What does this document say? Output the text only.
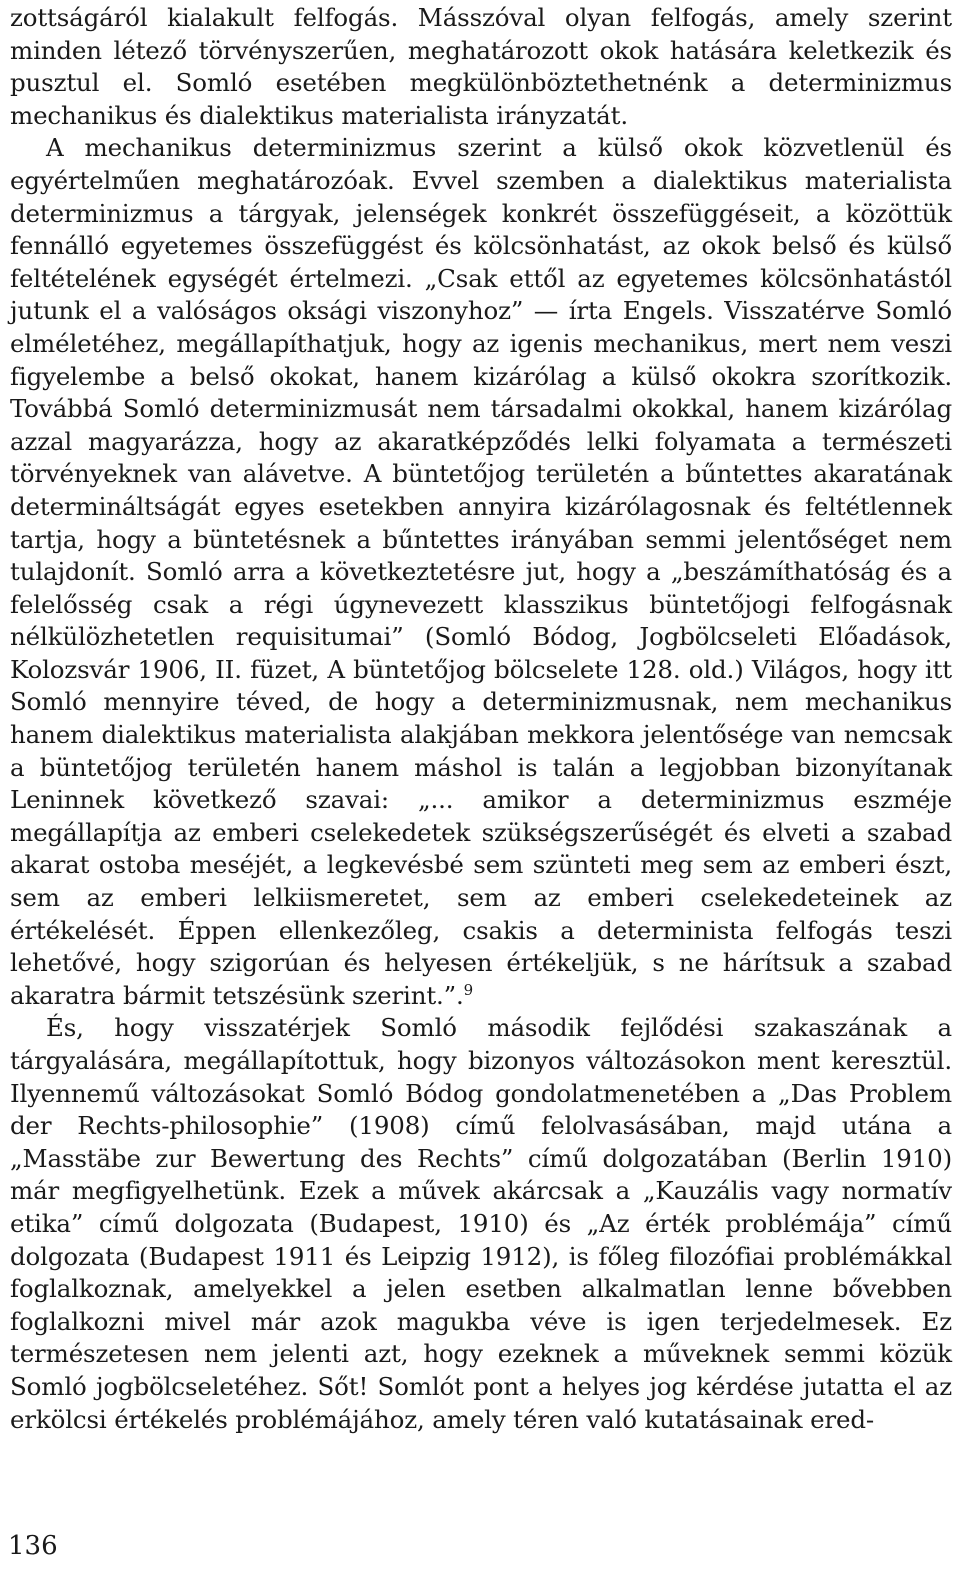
zottságáról kialakult felfogás. Másszóval olyan felfogás, amely szerint minden létező törvényszerűen, meghatározott okok hatására keletkezik és pusztul el. Somló esetében megkülönböztethetnénk a determinizmus mechanikus és dialektikus materialista irányzatát.

A mechanikus determinizmus szerint a külső okok közvetlenül és egyértelműen meghatározóak. Evvel szemben a dialektikus materialista determinizmus a tárgyak, jelenségek konkrét összefüggéseit, a közöttük fennálló egyetemes összefüggést és kölcsönhatást, az okok belső és külső feltételének egységét értelmezi. „Csak ettől az egyetemes kölcsönhatástól jutunk el a valóságos oksági viszonyhoz” — írta Engels. Visszatérve Somló elméletéhez, megállapíthatjuk, hogy az igenis mechanikus, mert nem veszi figyelembe a belső okokat, hanem kizárólag a külső okokra szorítkozik. Továbbá Somló determinizmusát nem társadalmi okokkal, hanem kizárólag azzal magyarázza, hogy az akaratképződés lelki folyamata a természeti törvényeknek van alávetve. A büntetőjog területén a bűntettes akaratának determináltságát egyes esetekben annyira kizárólagosnak és feltétlennek tartja, hogy a büntetésnek a bűntettes irányában semmi jelentőséget nem tulajdonít. Somló arra a következtetésre jut, hogy a „beszámíthatóság és a felelősség csak a régi úgynevezett klasszikus büntetőjogi felfogásnak nélkülözhetetlen requisitumai” (Somló Bódog, Jogbölcseleti Előadások, Kolozsvár 1906, II. füzet, A büntetőjog bölcselete 128. old.) Világos, hogy itt Somló mennyire téved, de hogy a determinizmusnak, nem mechanikus hanem dialektikus materialista alakjában mekkora jelentősége van nemcsak a büntetőjog területén hanem máshol is talán a legjobban bizonyítanak Leninnek következő szavai: „... amikor a determinizmus eszméje megállapítja az emberi cselekedetek szükségszerűségét és elveti a szabad akarat ostoba meséjét, a legkevésbé sem szünteti meg sem az emberi észt, sem az emberi lelkiismeretet, sem az emberi cselekedeteinek az értékelését. Éppen ellenkezőleg, csakis a determinista felfogás teszi lehetővé, hogy szigorúan és helyesen értékeljük, s ne hárítsuk a szabad akaratra bármit tetszésünk szerint.”.$^9$

És, hogy visszatérjek Somló második fejlődési szakaszának a tárgyalására, megállapítottuk, hogy bizonyos változásokon ment keresztül. Ilyennemű változásokat Somló Bódog gondolatmenetében a „Das Problem der Rechts-philosophie” (1908) című felolvasásában, majd utána a „Masstäbe zur Bewertung des Rechts” című dolgozatában (Berlin 1910) már megfigyelhetünk. Ezek a művek akárcsak a „Kauzális vagy normatív etika” című dolgozata (Budapest, 1910) és „Az érték problémája” című dolgozata (Budapest 1911 és Leipzig 1912), is főleg filozófiai problémákkal foglalkoznak, amelyekkel a jelen esetben alkalmatlan lenne bővebben foglalkozni mivel már azok magukba véve is igen terjedelmesek. Ez természetesen nem jelenti azt, hogy ezeknek a műveknek semmi közük Somló jogbölcseletéhez. Sőt! Somlót pont a helyes jog kérdése jutatta el az erkölcsi értékelés problémájához, amely téren való kutatásainak ered-

136
